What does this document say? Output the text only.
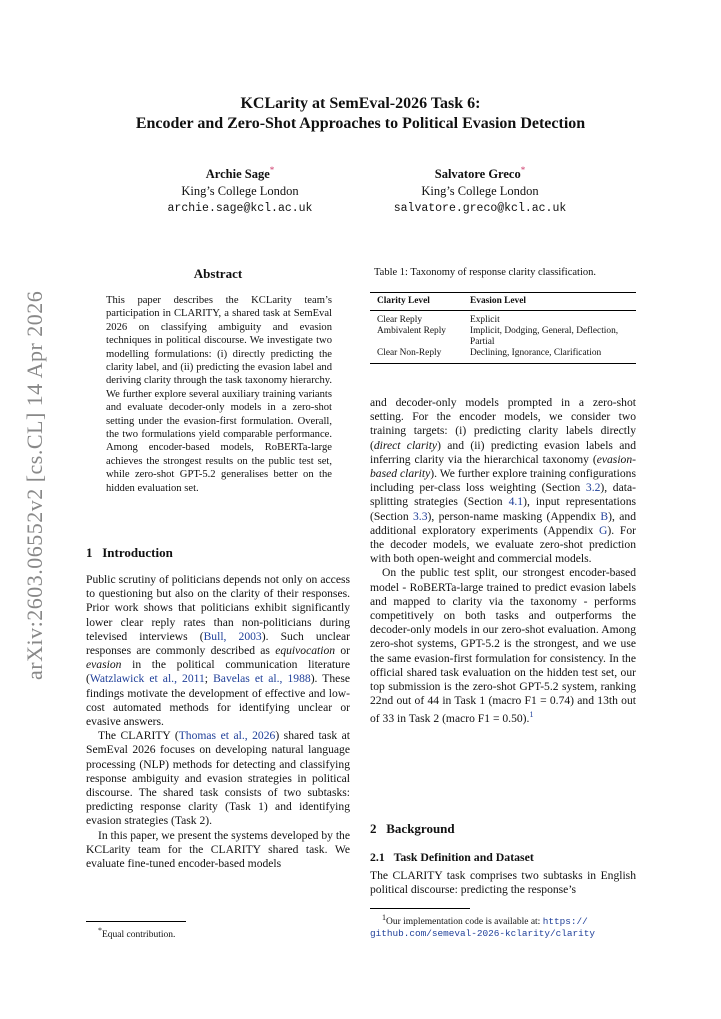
KCLarity at SemEval-2026 Task 6:
Encoder and Zero-Shot Approaches to Political Evasion Detection
Archie Sage*
King’s College London
archie.sage@kcl.ac.uk
Salvatore Greco*
King’s College London
salvatore.greco@kcl.ac.uk
arXiv:2603.06552v2 [cs.CL] 14 Apr 2026
Abstract
This paper describes the KCLarity team’s participation in CLARITY, a shared task at SemEval 2026 on classifying ambiguity and evasion techniques in political discourse. We investigate two modelling formulations: (i) directly predicting the clarity label, and (ii) predicting the evasion label and deriving clarity through the task taxonomy hierarchy. We further explore several auxiliary training variants and evaluate decoder-only models in a zero-shot setting under the evasion-first formulation. Overall, the two formulations yield comparable performance. Among encoder-based models, RoBERTa-large achieves the strongest results on the public test set, while zero-shot GPT-5.2 generalises better on the hidden evaluation set.
1 Introduction

Public scrutiny of politicians depends not only on access to questioning but also on the clarity of their responses. Prior work shows that politicians exhibit significantly lower clear reply rates than non-politicians during televised interviews (Bull, 2003). Such unclear responses are commonly described as equivocation or evasion in the political communication literature (Watzlawick et al., 2011; Bavelas et al., 1988). These findings motivate the development of effective and low-cost automated methods for identifying unclear or evasive answers.

The CLARITY (Thomas et al., 2026) shared task at SemEval 2026 focuses on developing natural language processing (NLP) methods for detecting and classifying response ambiguity and evasion strategies in political discourse. The shared task consists of two subtasks: predicting response clarity (Task 1) and identifying evasion strategies (Task 2).

In this paper, we present the systems developed by the KCLarity team for the CLARITY shared task. We evaluate fine-tuned encoder-based models

*Equal contribution.
Table 1: Taxonomy of response clarity classification.
Clarity Level	Evasion Level
Clear Reply	Explicit
Ambivalent Reply	Implicit, Dodging, General, Deflection, Partial
Clear Non-Reply	Declining, Ignorance, Clarification

and decoder-only models prompted in a zero-shot setting. For the encoder models, we consider two training targets: (i) predicting clarity labels directly (direct clarity) and (ii) predicting evasion labels and inferring clarity via the hierarchical taxonomy (evasion-based clarity). We further explore training configurations including per-class loss weighting (Section 3.2), data-splitting strategies (Section 4.1), input representations (Section 3.3), person-name masking (Appendix B), and additional exploratory experiments (Appendix G). For the decoder models, we evaluate zero-shot prediction with both open-weight and commercial models.

On the public test split, our strongest encoder-based model - RoBERTa-large trained to predict evasion labels and mapped to clarity via the taxonomy - performs competitively on both tasks and outperforms the decoder-only models in our zero-shot evaluation. Among zero-shot systems, GPT-5.2 is the strongest, and we use the same evasion-first formulation for consistency. In the official shared task evaluation on the hidden test set, our top submission is the zero-shot GPT-5.2 system, ranking 22nd out of 44 in Task 1 (macro F1 = 0.74) and 13th out of 33 in Task 2 (macro F1 = 0.50).$^1$

2 Background
2.1 Task Definition and Dataset

The CLARITY task comprises two subtasks in English political discourse: predicting the response’s

$^1$Our implementation code is available at: https://
github.com/semeval-2026-kclarity/clarity
